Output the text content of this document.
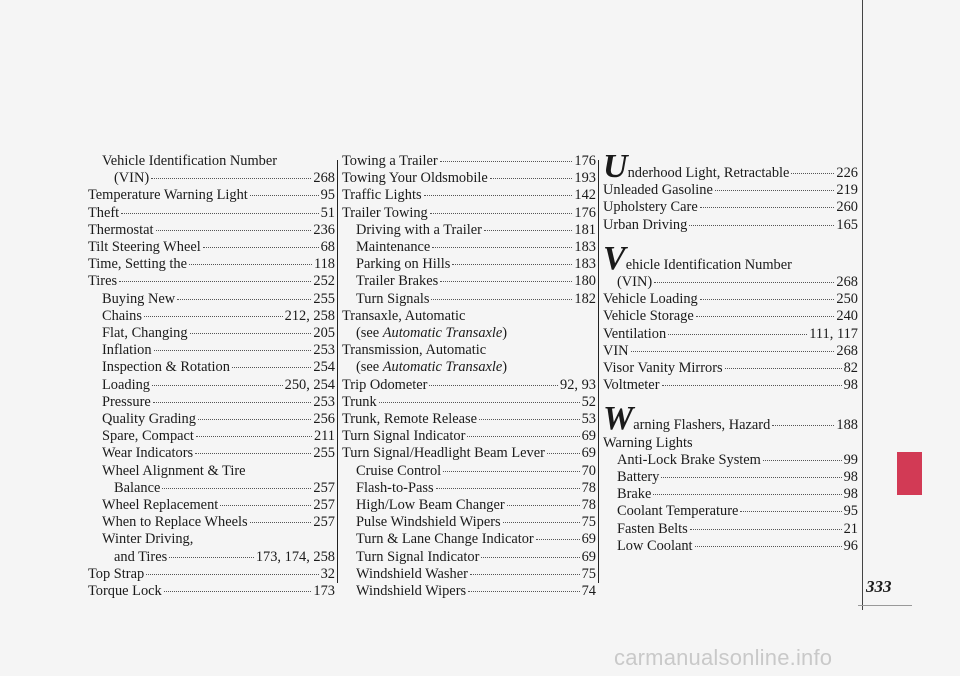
Vehicle Identification Number
(VIN)	268
Temperature Warning Light	95
Theft	51
Thermostat	236
Tilt Steering Wheel	68
Time, Setting the	118
Tires	252
Buying New	255
Chains	212, 258
Flat, Changing	205
Inflation	253
Inspection & Rotation	254
Loading	250, 254
Pressure	253
Quality Grading	256
Spare, Compact	211
Wear Indicators	255
Wheel Alignment & Tire
Balance	257
Wheel Replacement	257
When to Replace Wheels	257
Winter Driving,
and Tires	173, 174, 258
Top Strap	32
Torque Lock	173
Towing a Trailer	176
Towing Your Oldsmobile	193
Traffic Lights	142
Trailer Towing	176
Driving with a Trailer	181
Maintenance	183
Parking on Hills	183
Trailer Brakes	180
Turn Signals	182
Transaxle, Automatic
(see Automatic Transaxle)
Transmission, Automatic
(see Automatic Transaxle)
Trip Odometer	92, 93
Trunk	52
Trunk, Remote Release	53
Turn Signal Indicator	69
Turn Signal/Headlight Beam Lever	69
Cruise Control	70
Flash-to-Pass	78
High/Low Beam Changer	78
Pulse Windshield Wipers	75
Turn & Lane Change Indicator	69
Turn Signal Indicator	69
Windshield Washer	75
Windshield Wipers	74
U nderhood Light, Retractable	226
Unleaded Gasoline	219
Upholstery Care	260
Urban Driving	165
Vehicle Identification Number
(VIN)	268
Vehicle Loading	250
Vehicle Storage	240
Ventilation	111, 117
VIN	268
Visor Vanity Mirrors	82
Voltmeter	98
W arning Flashers, Hazard	188
Warning Lights
Anti-Lock Brake System	99
Battery	98
Brake	98
Coolant Temperature	95
Fasten Belts	21
Low Coolant	96
333
carmanualsonline.info
